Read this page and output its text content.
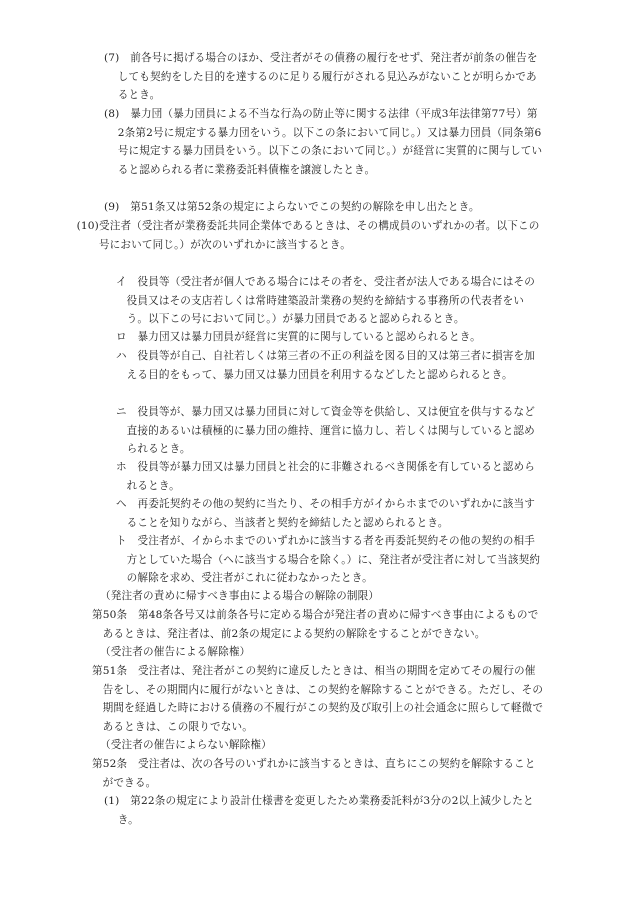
(7)　前各号に掲げる場合のほか、受注者がその債務の履行をせず、発注者が前条の催告をしても契約をした目的を達するのに足りる履行がされる見込みがないことが明らかであるとき。
(8)　暴力団（暴力団員による不当な行為の防止等に関する法律（平成3年法律第77号）第2条第2号に規定する暴力団をいう。以下この条において同じ。）又は暴力団員（同条第6号に規定する暴力団員をいう。以下この条において同じ。）が経営に実質的に関与していると認められる者に業務委託料債権を譲渡したとき。
(9)　第51条又は第52条の規定によらないでこの契約の解除を申し出たとき。
(10)受注者（受注者が業務委託共同企業体であるときは、その構成員のいずれかの者。以下この号において同じ。）が次のいずれかに該当するとき。
イ　役員等（受注者が個人である場合にはその者を、受注者が法人である場合にはその役員又はその支店若しくは常時建築設計業務の契約を締結する事務所の代表者をいう。以下この号において同じ。）が暴力団員であると認められるとき。
ロ　暴力団又は暴力団員が経営に実質的に関与していると認められるとき。
ハ　役員等が自己、自社若しくは第三者の不正の利益を図る目的又は第三者に損害を加える目的をもって、暴力団又は暴力団員を利用するなどしたと認められるとき。
ニ　役員等が、暴力団又は暴力団員に対して資金等を供給し、又は便宜を供与するなど直接的あるいは積極的に暴力団の維持、運営に協力し、若しくは関与していると認められるとき。
ホ　役員等が暴力団又は暴力団員と社会的に非難されるべき関係を有していると認められるとき。
ヘ　再委託契約その他の契約に当たり、その相手方がイからホまでのいずれかに該当することを知りながら、当該者と契約を締結したと認められるとき。
ト　受注者が、イからホまでのいずれかに該当する者を再委託契約その他の契約の相手方としていた場合（ヘに該当する場合を除く。）に、発注者が受注者に対して当該契約の解除を求め、受注者がこれに従わなかったとき。
（発注者の責めに帰すべき事由による場合の解除の制限）
第50条　第48条各号又は前条各号に定める場合が発注者の責めに帰すべき事由によるものであるときは、発注者は、前2条の規定による契約の解除をすることができない。
（受注者の催告による解除権）
第51条　受注者は、発注者がこの契約に違反したときは、相当の期間を定めてその履行の催告をし、その期間内に履行がないときは、この契約を解除することができる。ただし、その期間を経過した時における債務の不履行がこの契約及び取引上の社会通念に照らして軽微であるときは、この限りでない。
（受注者の催告によらない解除権）
第52条　受注者は、次の各号のいずれかに該当するときは、直ちにこの契約を解除することができる。
(1)　第22条の規定により設計仕様書を変更したため業務委託料が3分の2以上減少したとき。
